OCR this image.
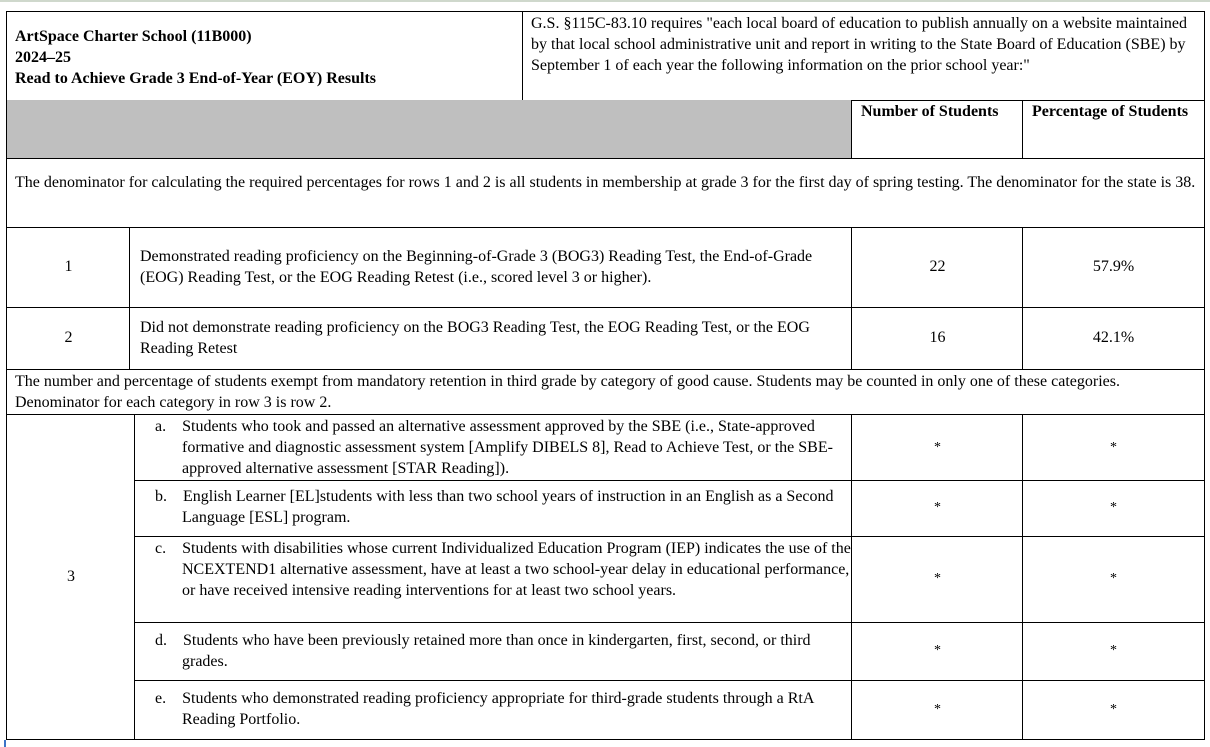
ArtSpace Charter School (11B000)
2024–25
Read to Achieve Grade 3 End-of-Year (EOY) Results
G.S. §115C-83.10 requires "each local board of education to publish annually on a website maintained by that local school administrative unit and report in writing to the State Board of Education (SBE) by September 1 of each year the following information on the prior school year:"
Number of Students	Percentage of Students
The denominator for calculating the required percentages for rows 1 and 2 is all students in membership at grade 3 for the first day of spring testing. The denominator for the state is 38.
1
Demonstrated reading proficiency on the Beginning-of-Grade 3 (BOG3) Reading Test, the End-of-Grade (EOG) Reading Test, or the EOG Reading Retest (i.e., scored level 3 or higher).
22	57.9%
2
Did not demonstrate reading proficiency on the BOG3 Reading Test, the EOG Reading Test, or the EOG Reading Retest
16	42.1%
The number and percentage of students exempt from mandatory retention in third grade by category of good cause. Students may be counted in only one of these categories. Denominator for each category in row 3 is row 2.
3
a. Students who took and passed an alternative assessment approved by the SBE (i.e., State-approved formative and diagnostic assessment system [Amplify DIBELS 8], Read to Achieve Test, or the SBE-approved alternative assessment [STAR Reading]).
*	*
b. English Learner [EL]students with less than two school years of instruction in an English as a Second Language [ESL] program.
*	*
c. Students with disabilities whose current Individualized Education Program (IEP) indicates the use of the NCEXTEND1 alternative assessment, have at least a two school-year delay in educational performance, or have received intensive reading interventions for at least two school years.
*	*
d. Students who have been previously retained more than once in kindergarten, first, second, or third grades.
*	*
e. Students who demonstrated reading proficiency appropriate for third-grade students through a RtA Reading Portfolio.
*	*
